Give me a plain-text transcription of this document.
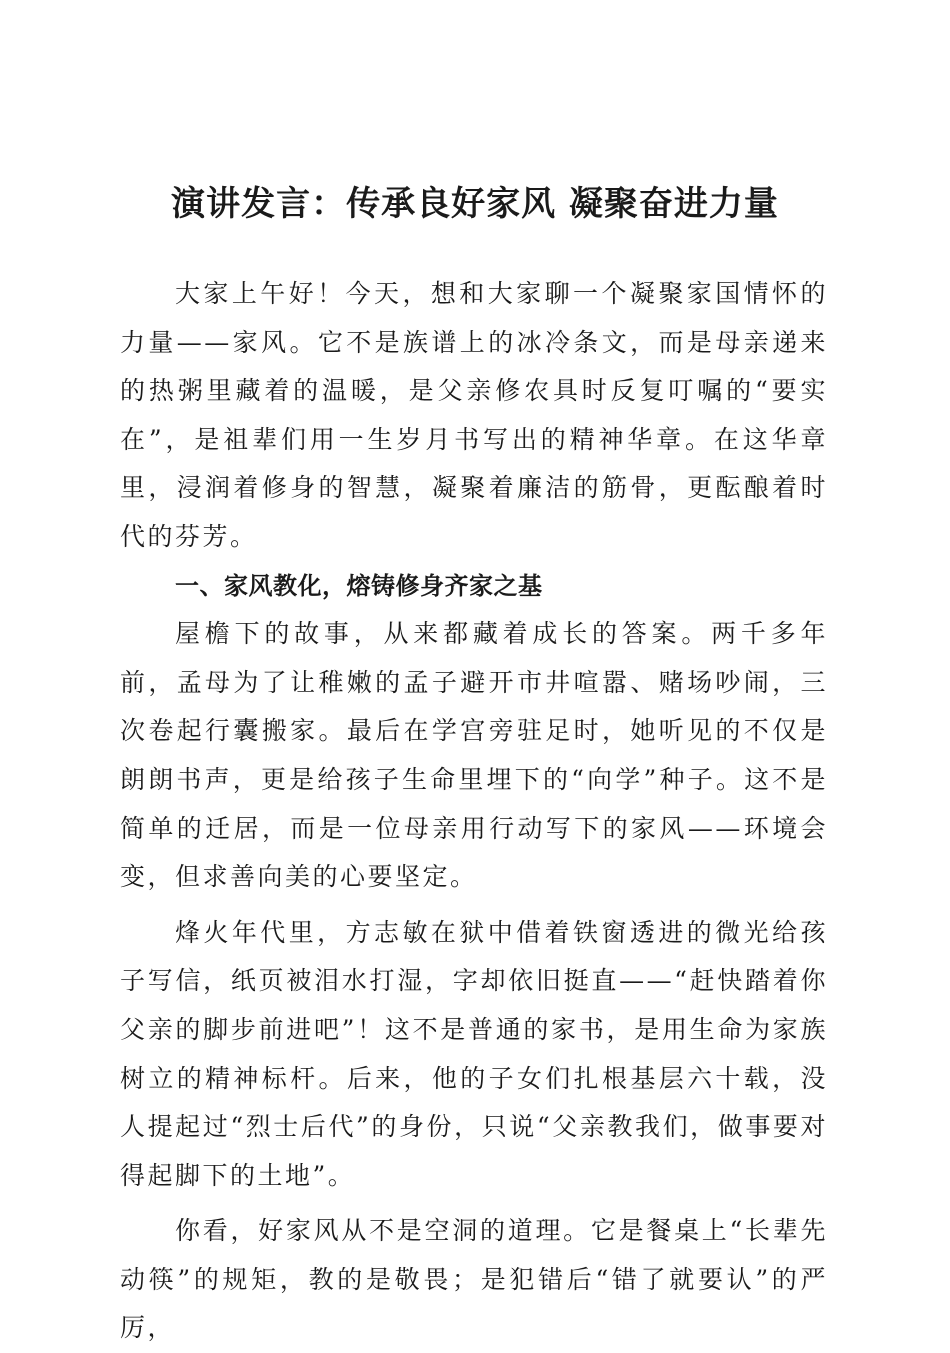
演讲发言：传承良好家风 凝聚奋进力量

大家上午好！今天，想和大家聊一个凝聚家国情怀的力量——家风。它不是族谱上的冰冷条文，而是母亲递来的热粥里藏着的温暖，是父亲修农具时反复叮嘱的“要实在”，是祖辈们用一生岁月书写出的精神华章。在这华章里，浸润着修身的智慧，凝聚着廉洁的筋骨，更酝酿着时代的芬芳。

一、家风教化，熔铸修身齐家之基

屋檐下的故事，从来都藏着成长的答案。两千多年前，孟母为了让稚嫩的孟子避开市井喧嚣、赌场吵闹，三次卷起行囊搬家。最后在学宫旁驻足时，她听见的不仅是朗朗书声，更是给孩子生命里埋下的“向学”种子。这不是简单的迁居，而是一位母亲用行动写下的家风——环境会变，但求善向美的心要坚定。

烽火年代里，方志敏在狱中借着铁窗透进的微光给孩子写信，纸页被泪水打湿，字却依旧挺直——“赶快踏着你父亲的脚步前进吧”！这不是普通的家书，是用生命为家族树立的精神标杆。后来，他的子女们扎根基层六十载，没人提起过“烈士后代”的身份，只说“父亲教我们，做事要对得起脚下的土地”。

你看，好家风从不是空洞的道理。它是餐桌上“长辈先动筷”的规矩，教的是敬畏；是犯错后“错了就要认”的严厉，
